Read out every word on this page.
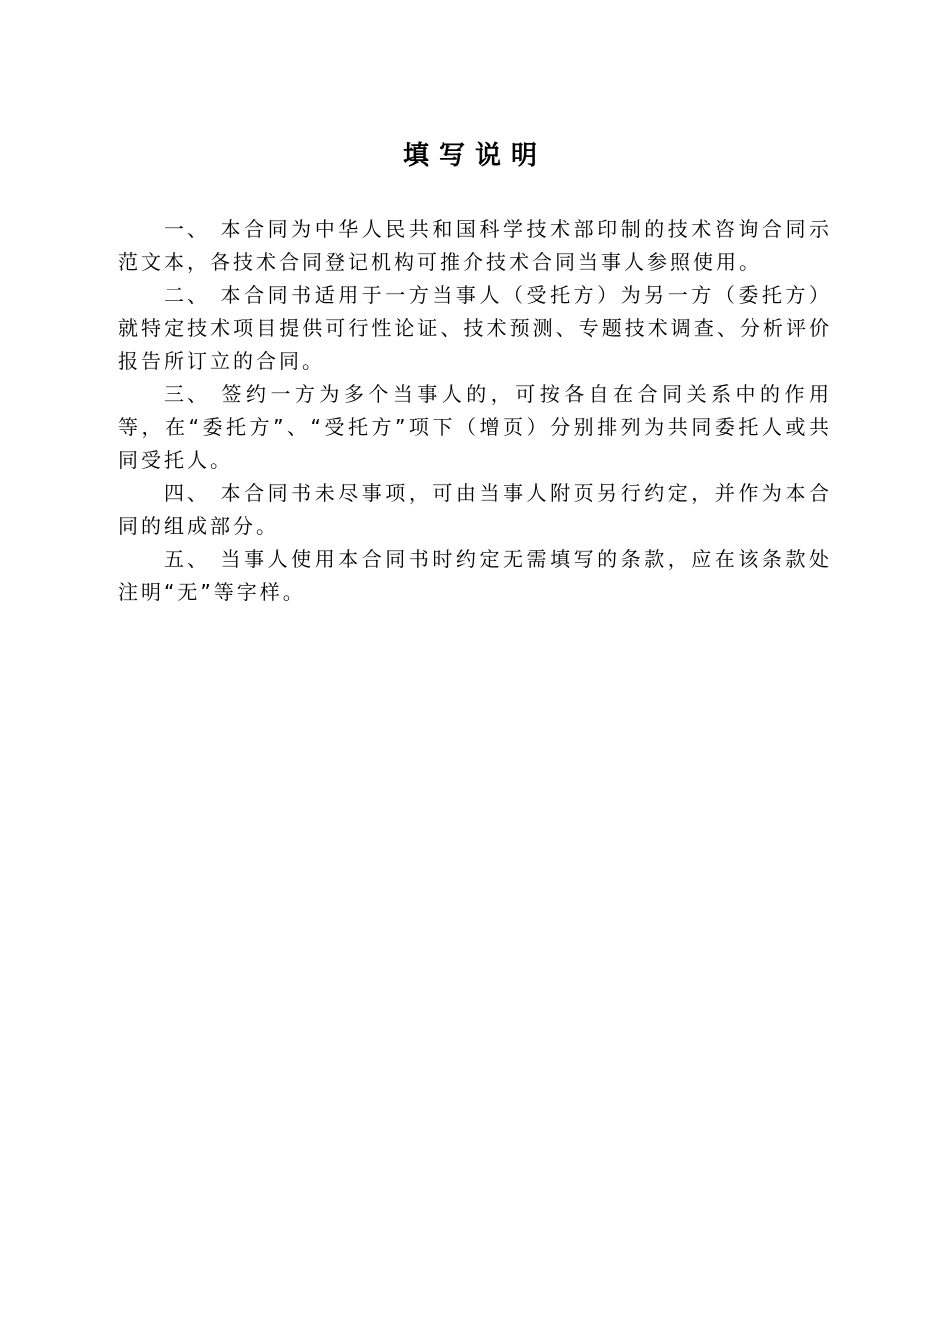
填写说明

一、 本合同为中华人民共和国科学技术部印制的技术咨询合同示范文本，各技术合同登记机构可推介技术合同当事人参照使用。

二、 本合同书适用于一方当事人（受托方）为另一方（委托方）就特定技术项目提供可行性论证、技术预测、专题技术调查、分析评价报告所订立的合同。

三、 签约一方为多个当事人的，可按各自在合同关系中的作用等，在“委托方”、“受托方”项下（增页）分别排列为共同委托人或共同受托人。

四、 本合同书未尽事项，可由当事人附页另行约定，并作为本合同的组成部分。

五、 当事人使用本合同书时约定无需填写的条款，应在该条款处注明“无”等字样。
